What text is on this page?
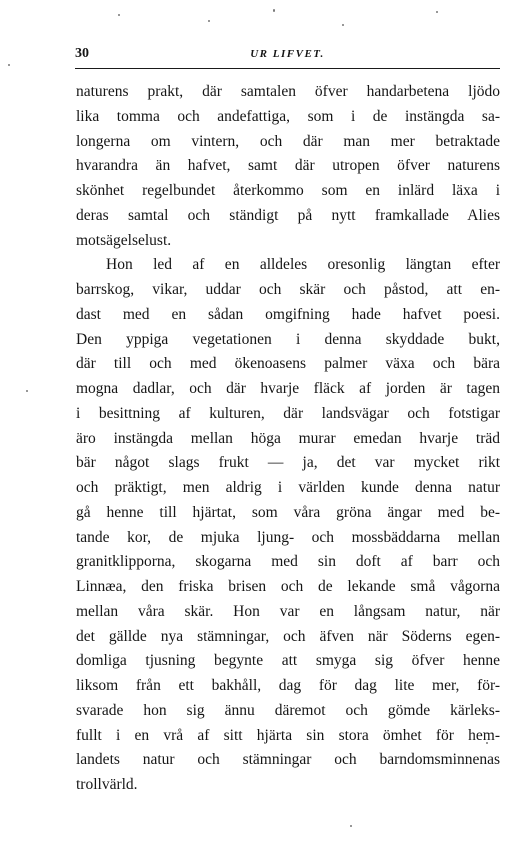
30	UR LIFVET.
naturens prakt, där samtalen öfver handarbetena ljödo
lika tomma och andefattiga, som i de instängda sa-
longerna om vintern, och där man mer betraktade
hvarandra än hafvet, samt där utropen öfver naturens
skönhet regelbundet återkommo som en inlärd läxa i
deras samtal och ständigt på nytt framkallade Alies
motsägelselust.
Hon led af en alldeles oresonlig längtan efter
barrskog, vikar, uddar och skär och påstod, att en-
dast med en sådan omgifning hade hafvet poesi.
Den yppiga vegetationen i denna skyddade bukt,
där till och med ökenoasens palmer växa och bära
mogna dadlar, och där hvarje fläck af jorden är tagen
i besittning af kulturen, där landsvägar och fotstigar
äro instängda mellan höga murar emedan hvarje träd
bär något slags frukt — ja, det var mycket rikt
och präktigt, men aldrig i världen kunde denna natur
gå henne till hjärtat, som våra gröna ängar med be-
tande kor, de mjuka ljung- och mossbäddarna mellan
granitklipporna, skogarna med sin doft af barr och
Linnæa, den friska brisen och de lekande små vågorna
mellan våra skär. Hon var en långsam natur, när
det gällde nya stämningar, och äfven när Söderns egen-
domliga tjusning begynte att smyga sig öfver henne
liksom från ett bakhåll, dag för dag lite mer, för-
svarade hon sig ännu däremot och gömde kärleks-
fullt i en vrå af sitt hjärta sin stora ömhet för hem-
landets natur och stämningar och barndomsminnenas
trollvärld.
